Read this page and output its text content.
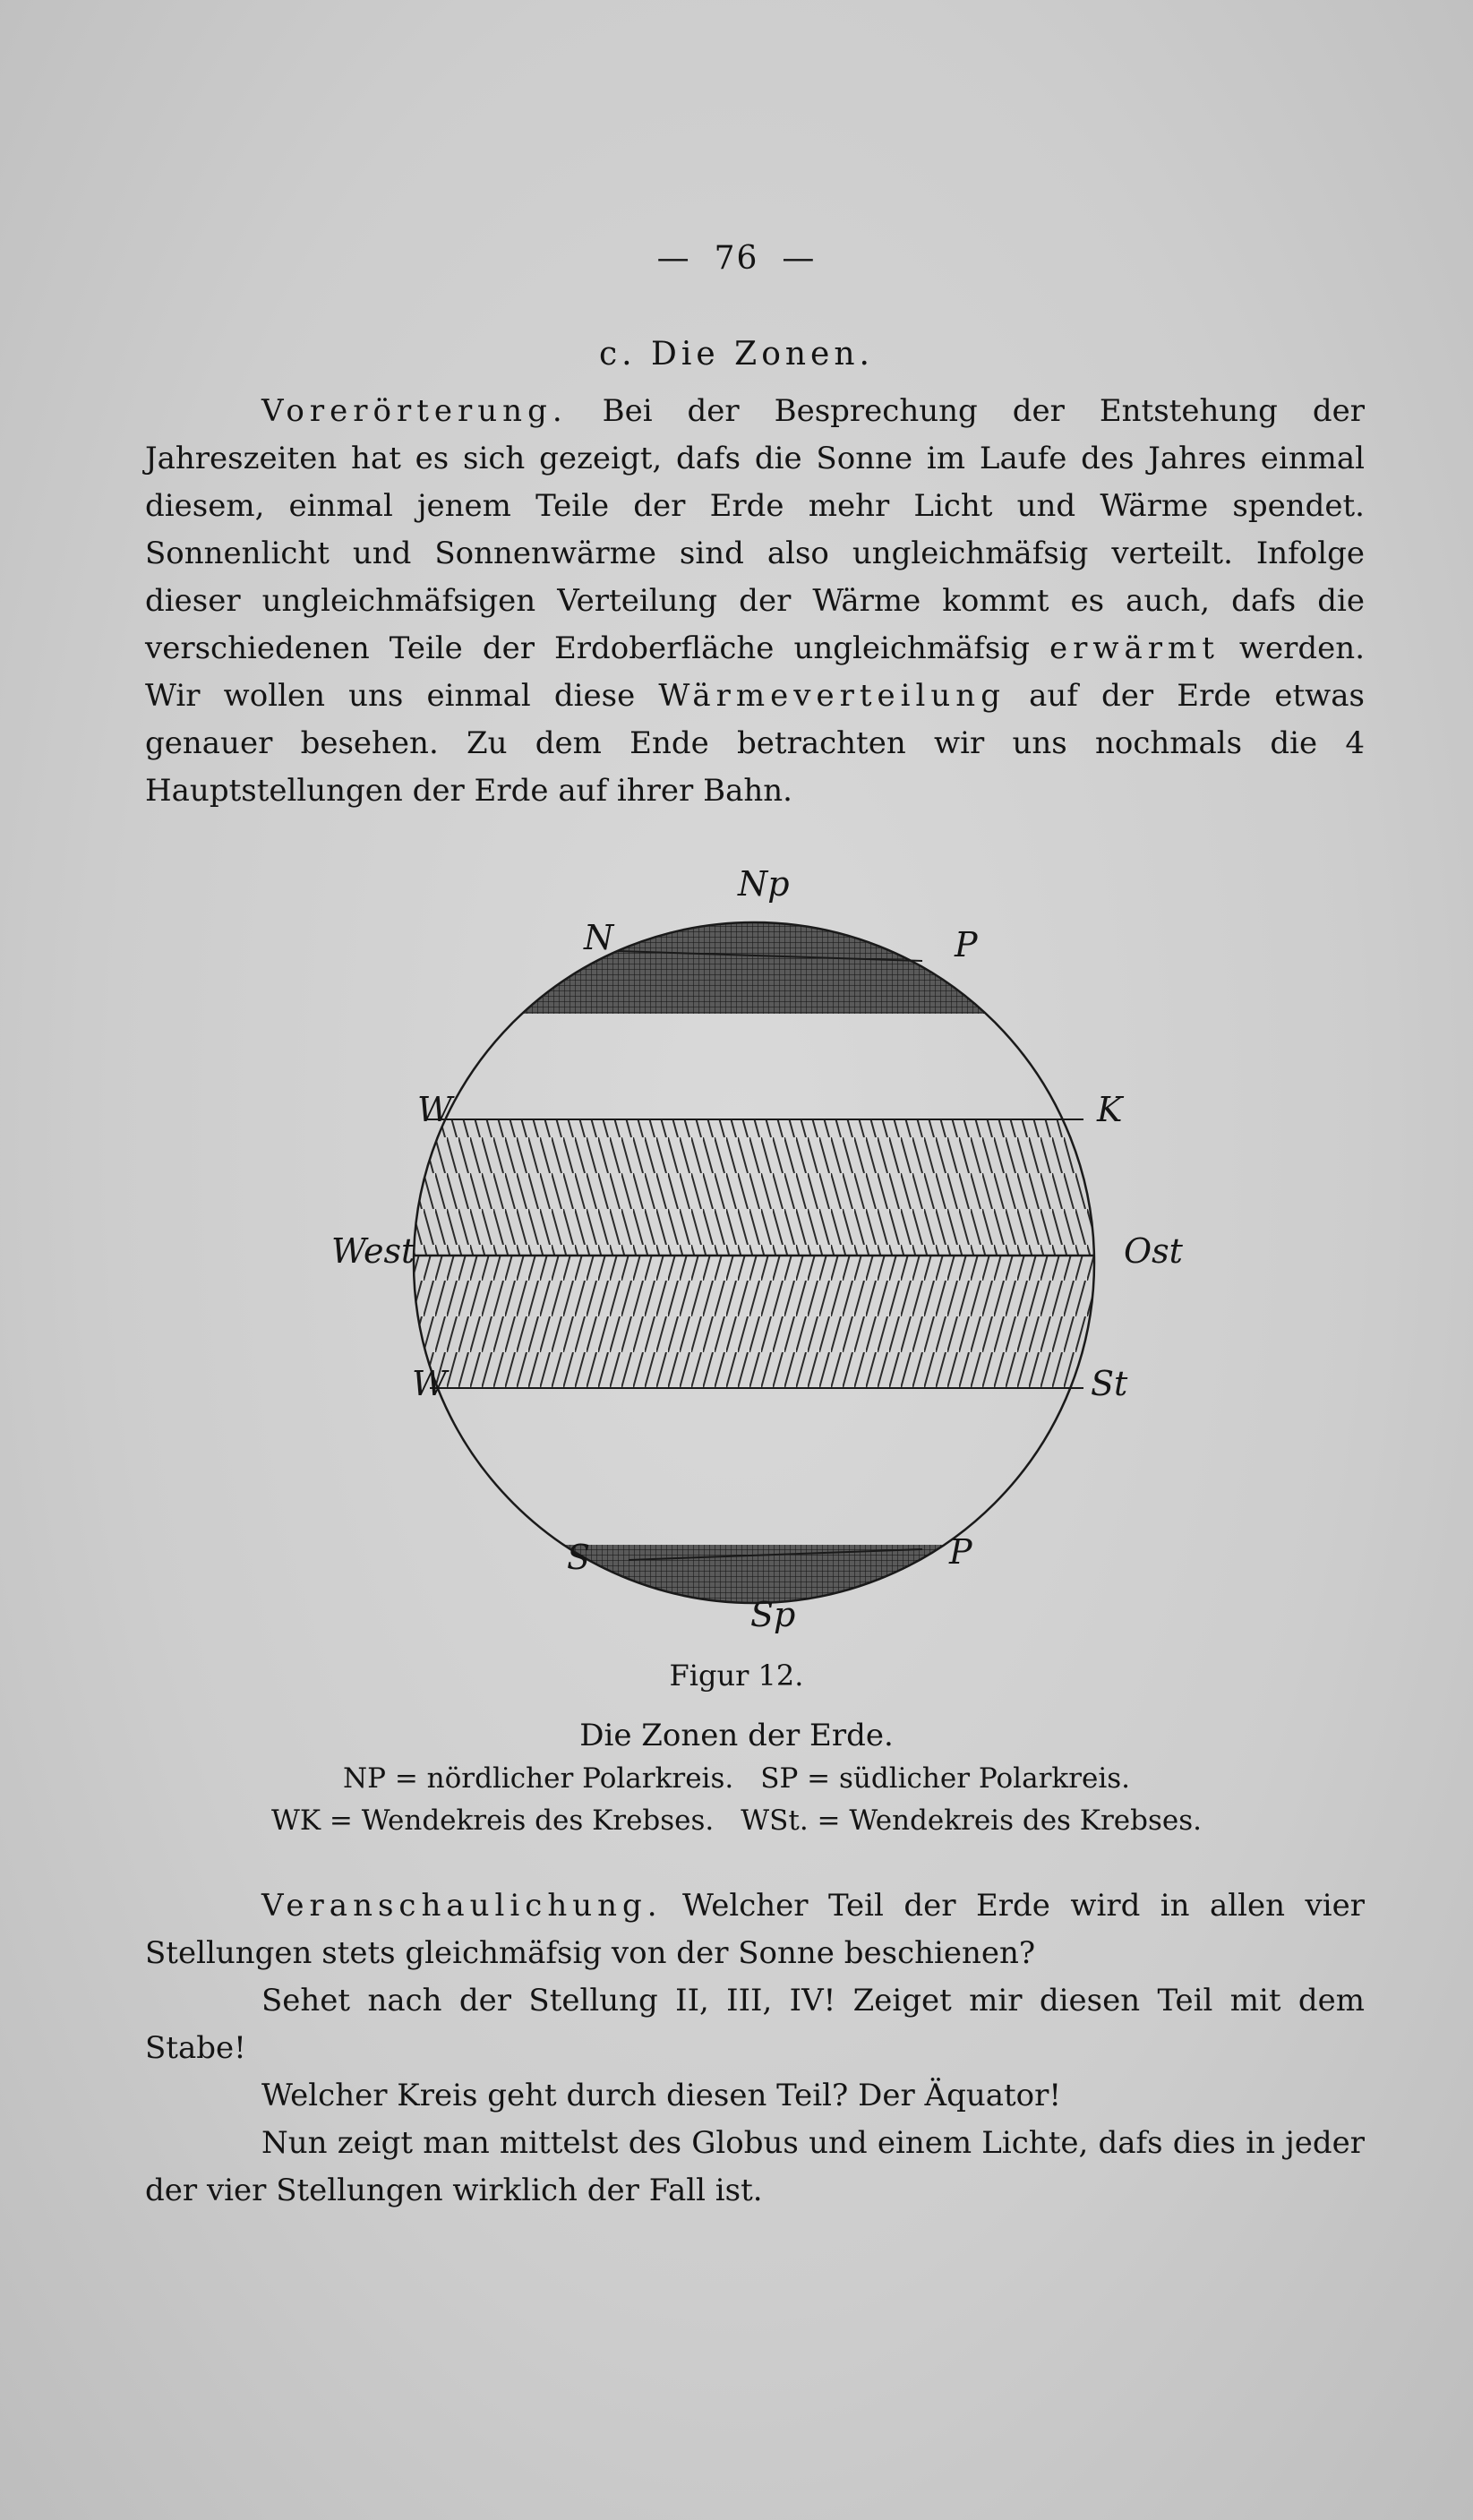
— 76 —
c. Die Zonen.

Vorerörterung. Bei der Besprechung der Entstehung der Jahreszeiten hat es sich gezeigt, dafs die Sonne im Laufe des Jahres einmal diesem, einmal jenem Teile der Erde mehr Licht und Wärme spendet. Sonnenlicht und Sonnenwärme sind also ungleichmäfsig verteilt. Infolge dieser ungleichmäfsigen Verteilung der Wärme kommt es auch, dafs die verschiedenen Teile der Erdoberfläche ungleichmäfsig erwärmt werden. Wir wollen uns einmal diese Wärmeverteilung auf der Erde etwas genauer besehen. Zu dem Ende betrachten wir uns nochmals die 4 Hauptstellungen der Erde auf ihrer Bahn.

Np
N	P
W	K
West	Ost
W	St
S	P
Sp
Figur 12.
Die Zonen der Erde.
NP = nördlicher Polarkreis. SP = südlicher Polarkreis.
WK = Wendekreis des Krebses. WSt. = Wendekreis des Krebses.

Veranschaulichung. Welcher Teil der Erde wird in allen vier Stellungen stets gleichmäfsig von der Sonne beschienen?

Sehet nach der Stellung II, III, IV! Zeiget mir diesen Teil mit dem Stabe!

Welcher Kreis geht durch diesen Teil? Der Äquator!

Nun zeigt man mittelst des Globus und einem Lichte, dafs dies in jeder der vier Stellungen wirklich der Fall ist.
